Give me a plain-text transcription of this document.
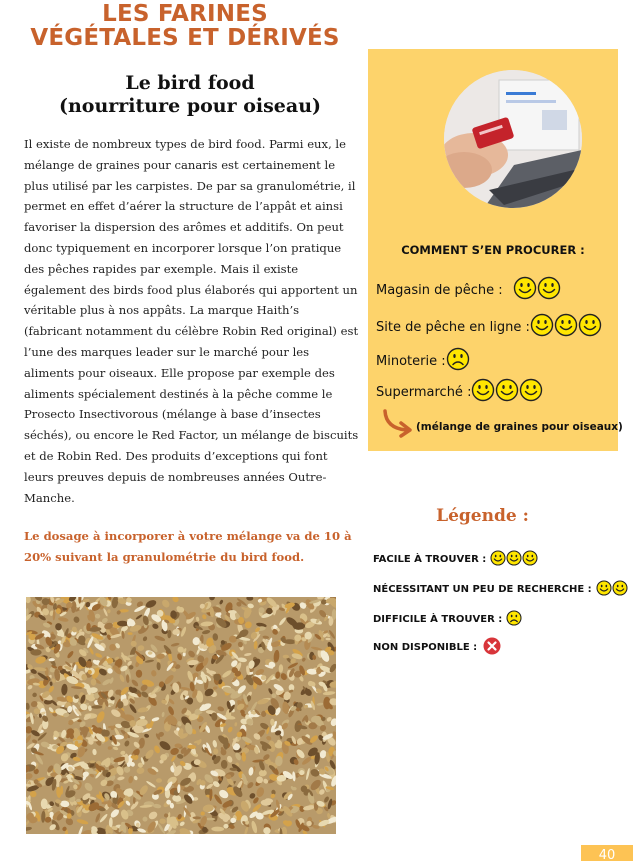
LES FARINES
VÉGÉTALES ET DÉRIVÉS
Le bird food
(nourriture pour oiseau)
Il existe de nombreux types de bird food. Parmi eux, le mélange de graines pour canaris est certainement le plus utilisé par les carpistes. De par sa granulométrie, il permet en effet d’aérer la structure de l’appât et ainsi favoriser la dispersion des arômes et additifs. On peut donc typiquement en incorporer lorsque l’on pratique des pêches rapides par exemple. Mais il existe également des birds food plus élaborés qui apportent un véritable plus à nos appâts. La marque Haith’s (fabricant notamment du célèbre Robin Red original) est l’une des marques leader sur le marché pour les aliments pour oiseaux. Elle propose par exemple des aliments spécialement destinés à la pêche comme le Prosecto Insectivorous (mélange à base d’insectes séchés), ou encore le Red Factor, un mélange de biscuits et de Robin Red. Des produits d’exceptions qui font leurs preuves depuis de nombreuses années Outre-Manche.
Le dosage à incorporer à votre mélange va de 10 à 20% suivant la granulométrie du bird food.
COMMENT S’EN PROCURER :
Magasin de pêche :
Site de pêche en ligne :
Minoterie :
Supermarché :
(mélange de graines pour oiseaux)
Légende :
FACILE À TROUVER :
NÉCESSITANT UN PEU DE RECHERCHE :
DIFFICILE À TROUVER :
NON DISPONIBLE :
40
